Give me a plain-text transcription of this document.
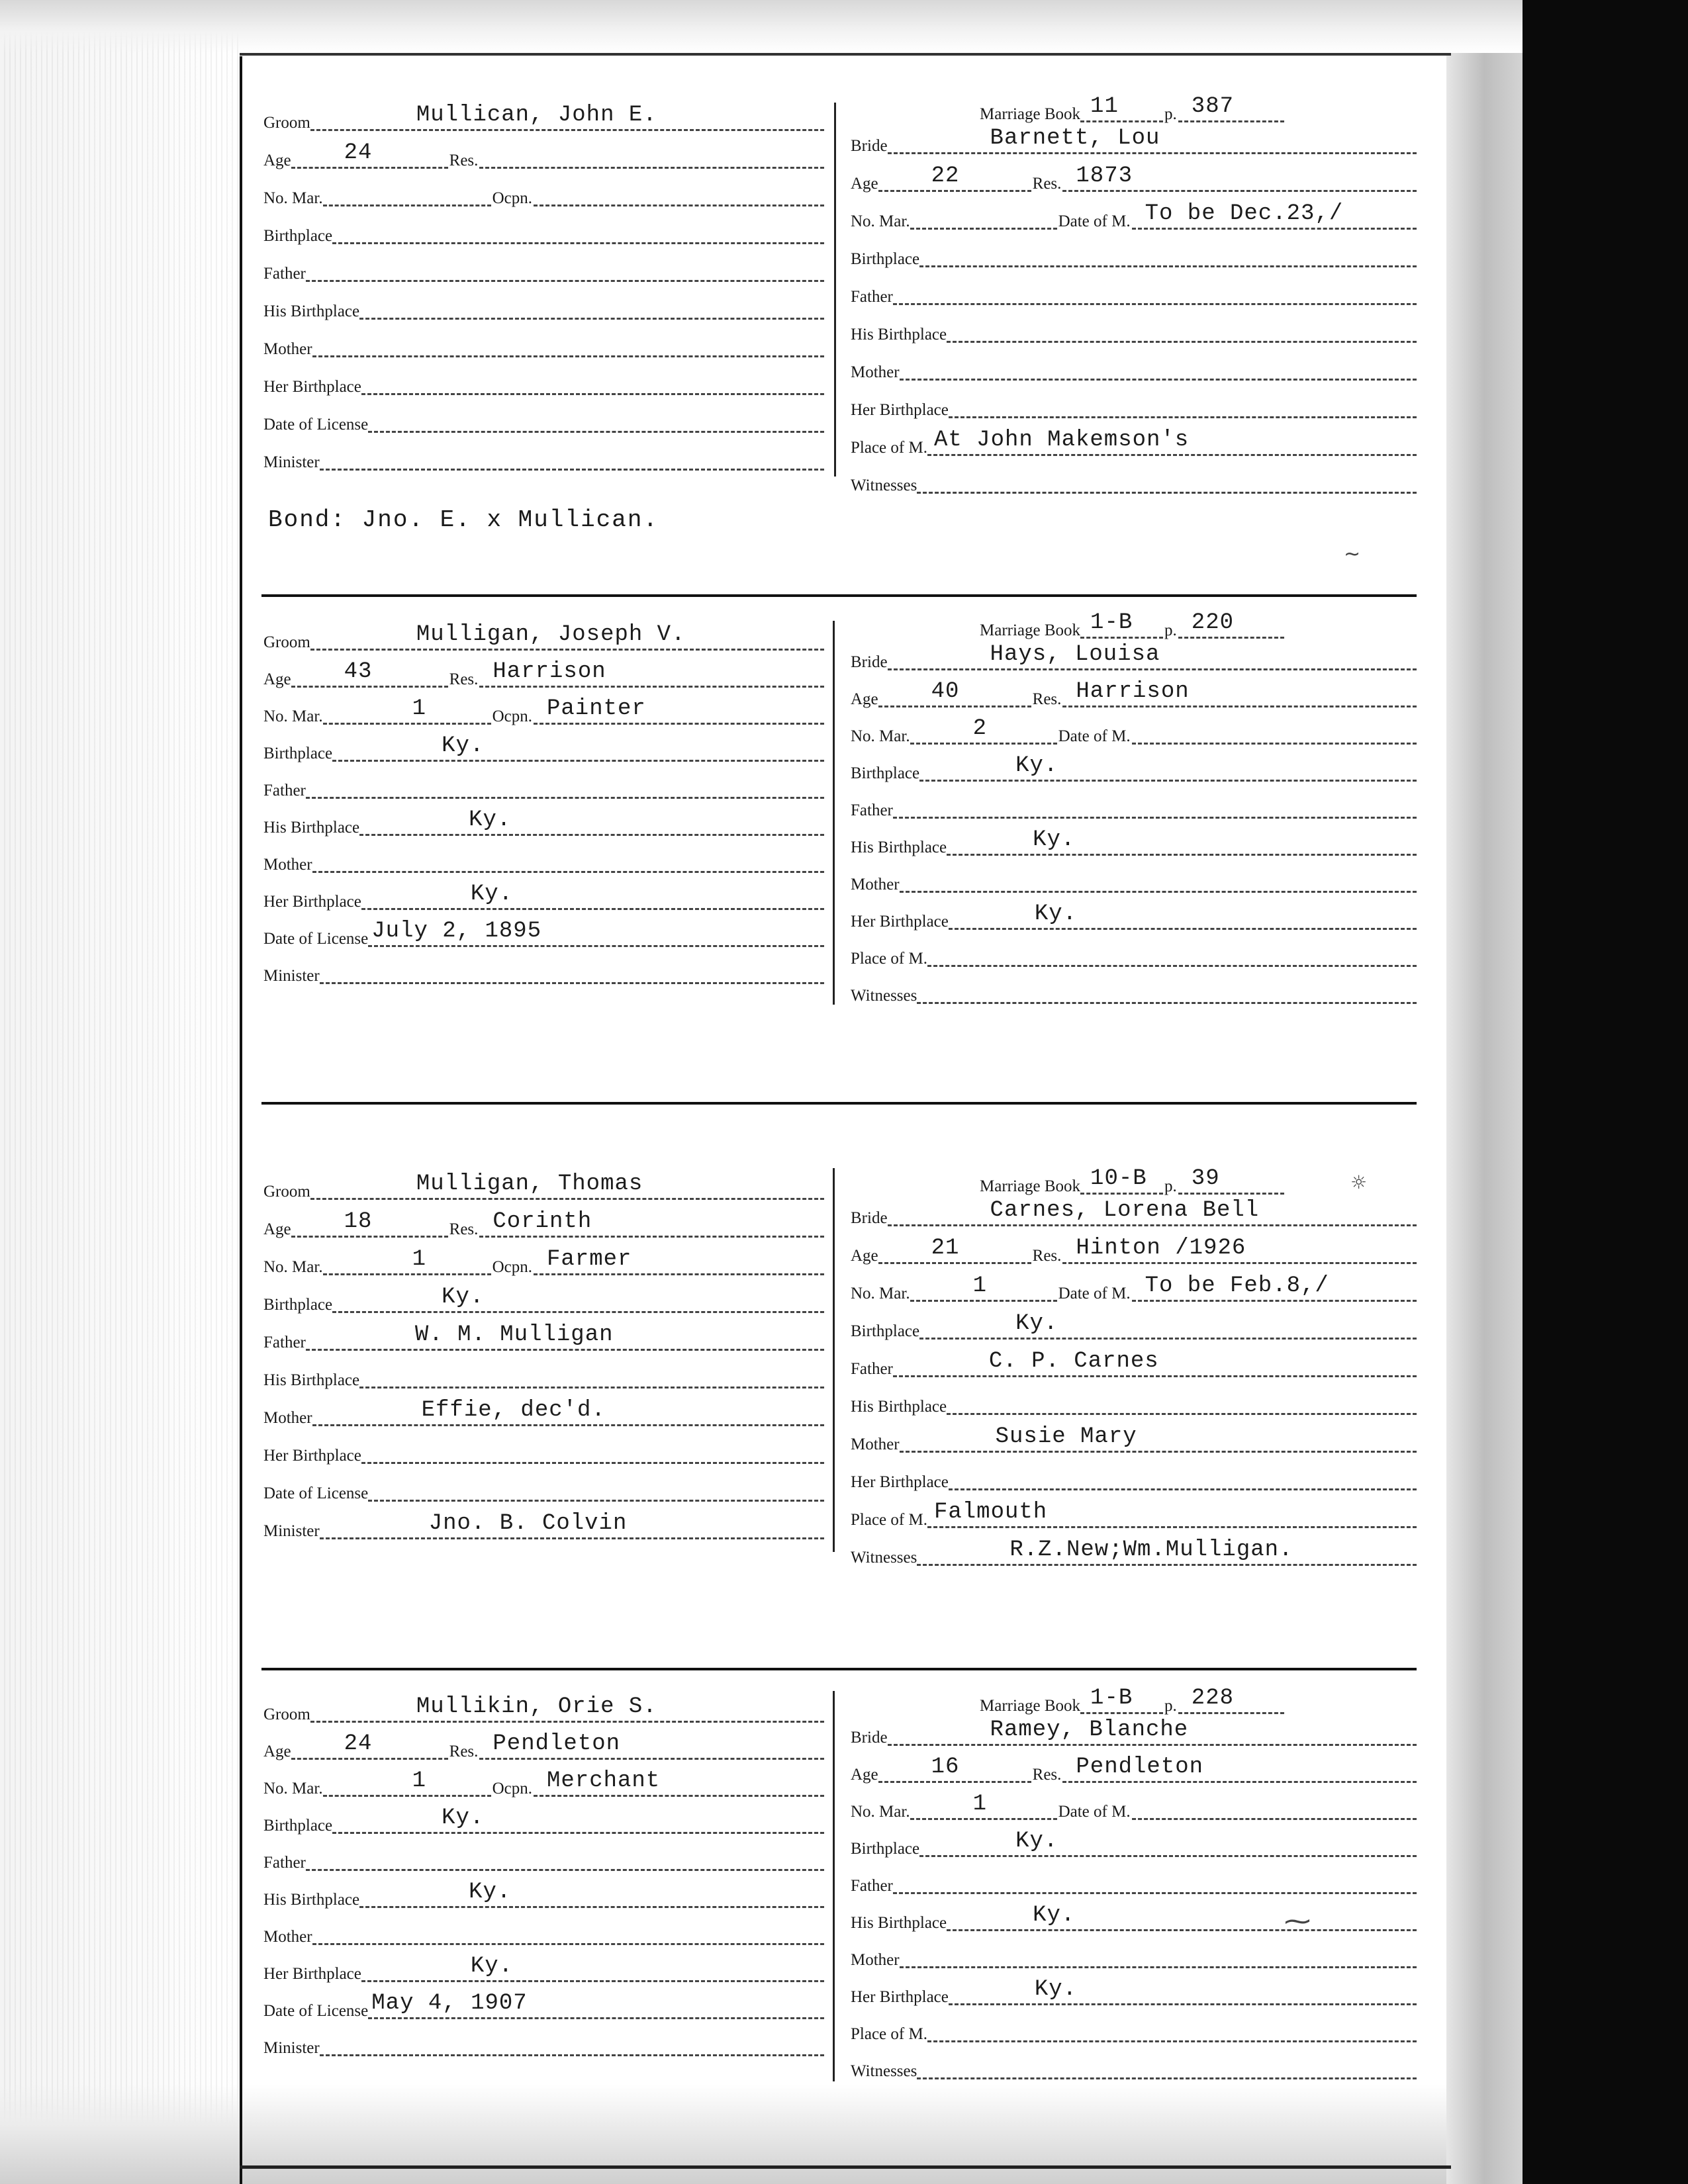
Groom	Mullican, John E.
Age 24	Res.
No. Mar.	Ocpn.
Birthplace
Father
His Birthplace
Mother
Her Birthplace
Date of License
Minister
Marriage Book 11	p. 387
Bride	Barnett, Lou
Age 22	Res. 1873
No. Mar.	Date of M. To be Dec.23,/
Birthplace
Father
His Birthplace
Mother
Her Birthplace
Place of M. At John Makemson's
Witnesses
Groom	Mulligan, Joseph V.
Age 43	Res. Harrison
No. Mar.	1	Ocpn. Painter
Birthplace	Ky.
Father
His Birthplace	Ky.
Mother
Her Birthplace	Ky.
Date of License July 2, 1895
Minister
Marriage Book 1-B p. 220
Bride	Hays, Louisa
Age 40	Res. Harrison
No. Mar.	2	Date of M.
Birthplace	Ky.
Father
His Birthplace	Ky.
Mother
Her Birthplace	Ky.
Place of M.
Witnesses
Groom	Mulligan, Thomas
Age 18	Res. Corinth
No. Mar.	1	Ocpn. Farmer
Birthplace	Ky.
Father	W. M. Mulligan
His Birthplace
Mother	Effie, dec'd.
Her Birthplace
Date of License
Minister	Jno. B. Colvin
Marriage Book 10-B p. 39
Bride	Carnes, Lorena Bell
Age 21	Res. Hinton /1926
No. Mar.	1	Date of M. To be Feb.8,/
Birthplace	Ky.
Father	C. P. Carnes
His Birthplace
Mother	Susie Mary
Her Birthplace
Place of M. Falmouth
Witnesses	R.Z.New;Wm.Mulligan.
Groom	Mullikin, Orie S.
Age 24	Res. Pendleton
No. Mar.	1	Ocpn. Merchant
Birthplace	Ky.
Father
His Birthplace	Ky.
Mother
Her Birthplace	Ky.
Date of License May 4, 1907
Minister
Marriage Book 1-B p. 228
Bride	Ramey, Blanche
Age 16	Res. Pendleton
No. Mar.	1	Date of M.
Birthplace	Ky.
Father
His Birthplace	Ky.
Mother
Her Birthplace	Ky.
Place of M.
Witnesses
Bond: Jno. E. x Mullican.
⁓
~
☼
